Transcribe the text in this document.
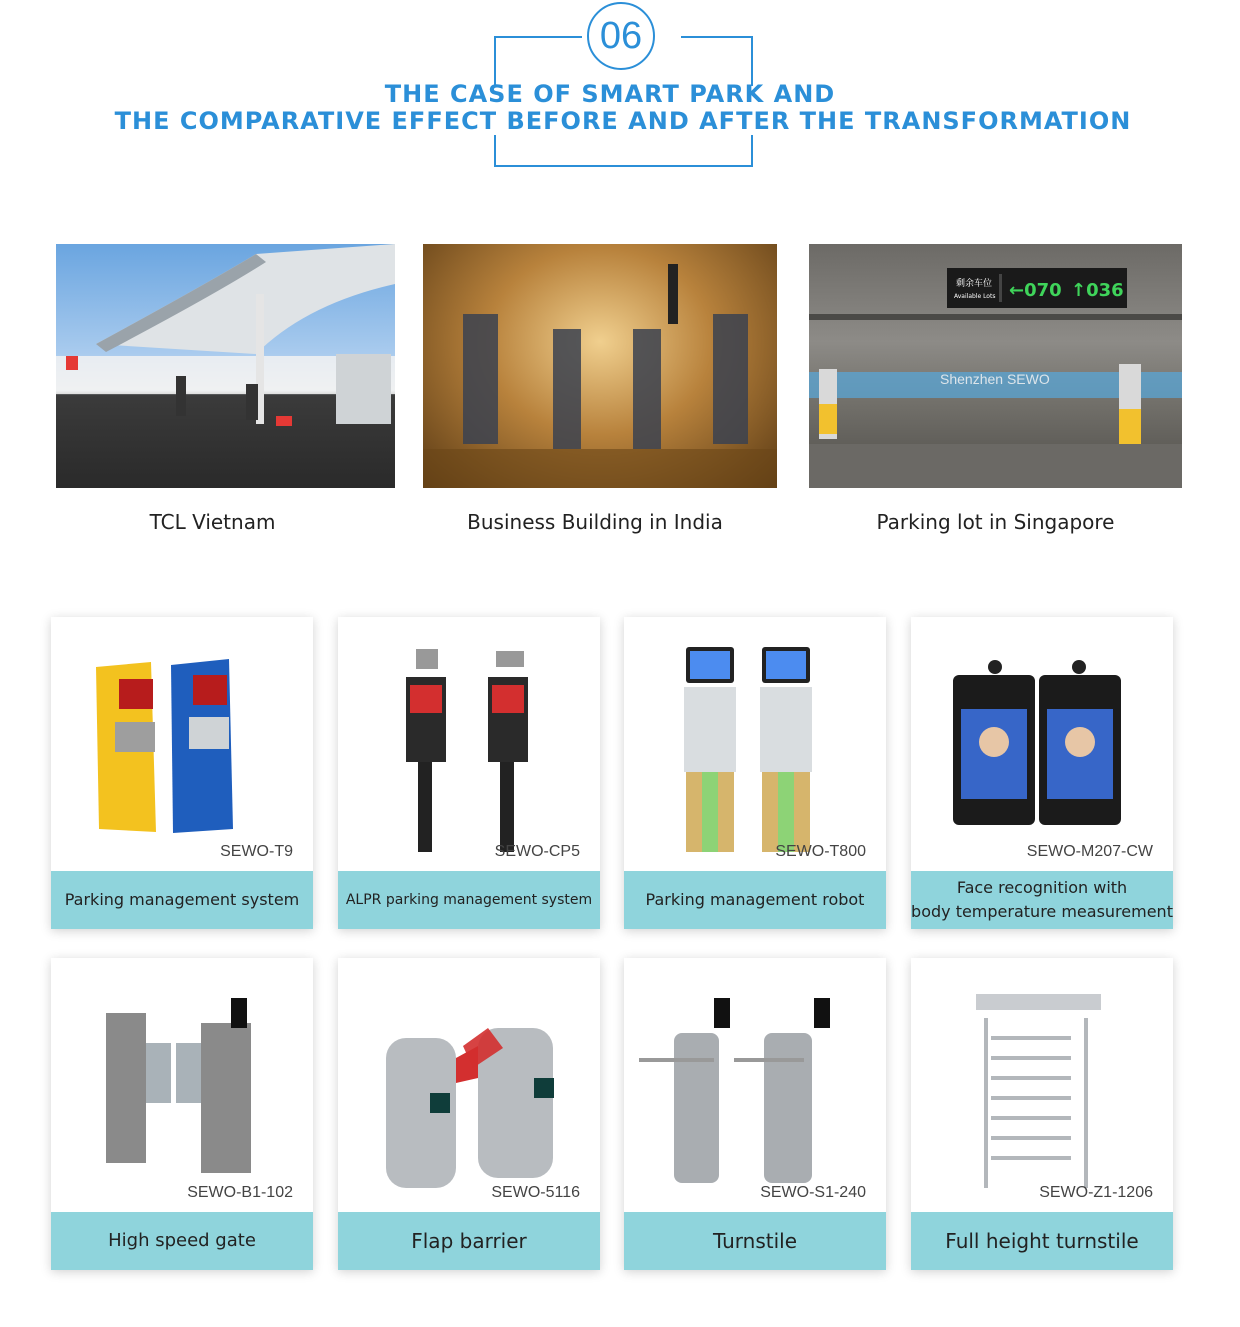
06
THE CASE OF SMART PARK AND
THE COMPARATIVE EFFECT BEFORE AND AFTER THE TRANSFORMATION
TCL Vietnam	Business Building in India
剩余车位
Available Lots ←070 ↑036
Shenzhen SEWO
Parking lot in Singapore
SEWO-T9
Parking management system
SEWO-CP5
ALPR parking management system
SEWO-T800
Parking management robot
SEWO-M207-CW
Face recognition with
body temperature measurement
SEWO-B1-102
High speed gate
SEWO-5116
Flap barrier
SEWO-S1-240
Turnstile
SEWO-Z1-1206
Full height turnstile
